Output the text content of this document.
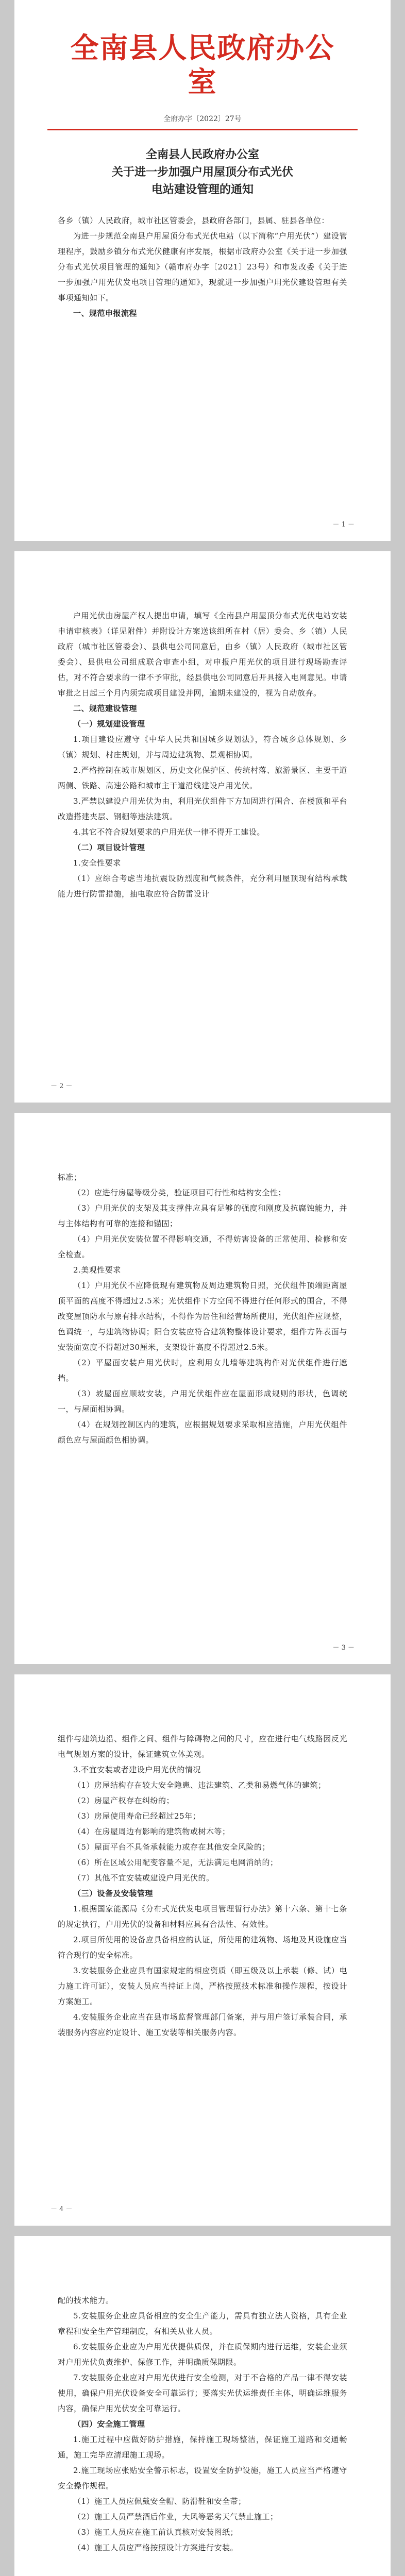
全南县人民政府办公室
全府办字〔2022〕27号
全南县人民政府办公室
关于进一步加强户用屋顶分布式光伏
电站建设管理的通知

各乡（镇）人民政府，城市社区管委会，县政府各部门，县属、驻县各单位：

为进一步规范全南县户用屋顶分布式光伏电站（以下简称“户用光伏”）建设管理程序，鼓励乡镇分布式光伏健康有序发展，根据市政府办公室《关于进一步加强分布式光伏项目管理的通知》（赣市府办字〔2021〕23号）和市发改委《关于进一步加强户用光伏发电项目管理的通知》，现就进一步加强户用光伏建设管理有关事项通知如下。

一、规范申报流程

－ 1 －

户用光伏由房屋产权人提出申请，填写《全南县户用屋顶分布式光伏电站安装申请审核表》（详见附件）并附设计方案送该组所在村（居）委会、乡（镇）人民政府（城市社区管委会）、县供电公司同意后，由乡（镇）人民政府（城市社区管委会）、县供电公司组成联合审查小组，对申报户用光伏的项目进行现场勘查评估，对不符合要求的一律不予审批，经县供电公司同意后开具接入电网意见。申请审批之日起三个月内须完成项目建设并网，逾期未建设的，视为自动放弃。

二、规范建设管理

（一）规划建设管理

1.项目建设应遵守《中华人民共和国城乡规划法》，符合城乡总体规划、乡（镇）规划、村庄规划，并与周边建筑物、景观相协调。

2.严格控制在城市规划区、历史文化保护区、传统村落、旅游景区、主要干道两侧、铁路、高速公路和城市主干道沿线建设户用光伏。

3.严禁以建设户用光伏为由，利用光伏组件下方加固进行围合、在楼顶和平台改造搭建夹层、钢棚等违法建筑。

4.其它不符合规划要求的户用光伏一律不得开工建设。

（二）项目设计管理

1.安全性要求

（1）应综合考虑当地抗震设防烈度和气候条件，充分利用屋顶现有结构承载能力进行防雷措施，抽电取应符合防雷设计

－ 2 －

标准；

（2）应进行房屋等级分类，验证项目可行性和结构安全性；

（3）户用光伏的支架及其支撑件应具有足够的强度和刚度及抗腐蚀能力，并与主体结构有可靠的连接和锚固；

（4）户用光伏安装位置不得影响交通，不得妨害设备的正常使用、检修和安全检查。

2.美观性要求

（1）户用光伏不应降低现有建筑物及周边建筑物日照，光伏组件顶端距离屋顶平面的高度不得超过2.5米；光伏组件下方空间不得进行任何形式的围合，不得改变屋顶防水与原有排水结构，不得作为居住和经营场所使用，光伏组件应规整，色调统一，与建筑物协调；阳台安装应符合建筑物整体设计要求，组件方阵表面与安装面宽度不得超过30厘米，支架设计高度不得超过2.5米。

（2）平屋面安装户用光伏时，应利用女儿墙等建筑构件对光伏组件进行遮挡。

（3）坡屋面应顺坡安装，户用光伏组件应在屋面形成规则的形状，色调统一，与屋面相协调。

（4）在规划控制区内的建筑，应根据规划要求采取相应措施，户用光伏组件颜色应与屋面颜色相协调。

－ 3 －

组件与建筑边沿、组件之间、组件与障碍物之间的尺寸，应在进行电气线路因反光电气规划方案的设计，保证建筑立体美观。

3.不宜安装或者建设户用光伏的情况

（1）房屋结构存在较大安全隐患、违法建筑、乙类和易燃气体的建筑；

（2）房屋产权存在纠纷的；

（3）房屋使用寿命已经超过25年；

（4）在房屋周边有影响的建筑物或树木等；

（5）屋面平台不具备承载能力或存在其他安全风险的；

（6）所在区域公用配变容量不足，无法满足电网消纳的；

（7）其他不宜安装或建设户用光伏的。

（三）设备及安装管理

1.根据国家能源局《分布式光伏发电项目管理暂行办法》第十六条、第十七条的规定执行，户用光伏的设备和材料应具有合法性、有效性。

2.项目所使用的设备应具备相应的认证，所使用的建筑物、场地及其设施应当符合现行的安全标准。

3.安装服务企业应具有国家规定的相应资质（即五级及以上承装（修、试）电力施工许可证），安装人员应当持证上岗，严格按照技术标准和操作规程，按设计方案施工。

4.安装服务企业应当在县市场监督管理部门备案，并与用户签订承装合同，承装服务内容应约定设计、施工安装等相关服务内容。

－ 4 －

配的技术能力。

5.安装服务企业应具备相应的安全生产能力，需具有独立法人资格，具有企业章程和安全生产管理制度，有相关从业人员。

6.安装服务企业应为户用光伏提供质保，并在质保期内进行运维，安装企业须对户用光伏负责维护、保修工作，并明确质保期限。

7.安装服务企业应对户用光伏进行安全检测，对于不合格的产品一律不得安装使用，确保户用光伏设备安全可靠运行；要落实光伏运维责任主体，明确运维服务内容，确保户用光伏安全可靠运行。

（四）安全施工管理

1.施工过程中应做好防护措施，保持施工现场整洁，保证施工道路和交通畅通，施工完毕应清理施工现场。

2.施工现场应张贴安全警示标志，设置安全防护设施，施工人员应当严格遵守安全操作规程。

（1）施工人员应佩戴安全帽、防滑鞋和安全带；

（2）施工人员严禁酒后作业，大风等恶劣天气禁止施工；

（3）施工人员应在施工前认真核对安装图纸；

（4）施工人员应严格按照设计方案进行安装。
